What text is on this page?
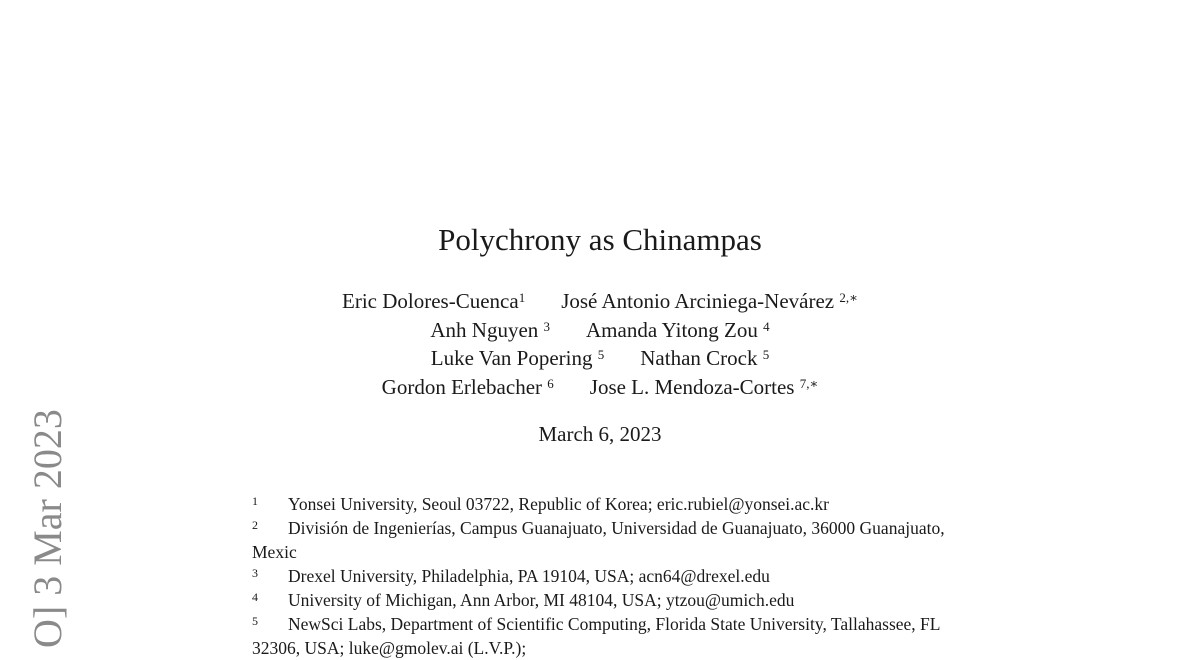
O] 3 Mar 2023
Polychrony as Chinampas
Eric Dolores-Cuenca$^1$ José Antonio Arciniega-Nevárez $^{2,∗}$
Anh Nguyen $^3$ Amanda Yitong Zou $^4$
Luke Van Popering $^5$ Nathan Crock $^5$
Gordon Erlebacher $^6$ Jose L. Mendoza-Cortes $^{7,∗}$
March 6, 2023
1 Yonsei University, Seoul 03722, Republic of Korea; eric.rubiel@yonsei.ac.kr
2 División de Ingenierías, Campus Guanajuato, Universidad de Guanajuato, 36000 Guanajuato, Mexic
3 Drexel University, Philadelphia, PA 19104, USA; acn64@drexel.edu
4 University of Michigan, Ann Arbor, MI 48104, USA; ytzou@umich.edu
5 NewSci Labs, Department of Scientific Computing, Florida State University, Tallahassee, FL 32306, USA; luke@gmolev.ai (L.V.P.);
